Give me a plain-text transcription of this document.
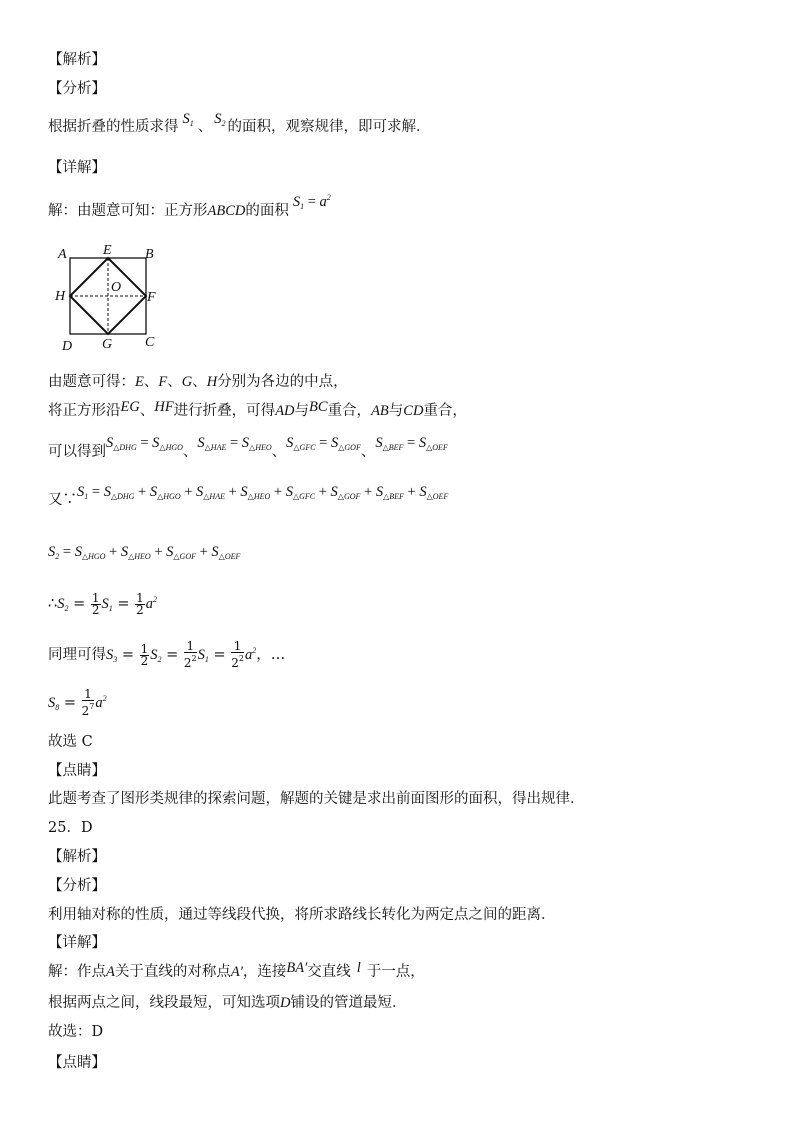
【解析】
【分析】
根据折叠的性质求得 $S_1$ 、 $S_2$ 的面积，观察规律，即可求解．
【详解】
解：由题意可知：正方形ABCD的面积$S_1 = a^2$
A	E B
H
O
F
D G C
由题意可得：E、F、G、H分别为各边的中点，
将正方形沿EG、HF进行折叠，可得AD与BC重合，AB与CD重合，
可以得到$S_{\triangle DHG} = S_{\triangle HGO}$、$S_{\triangle HAE} = S_{\triangle HEO}$、$S_{\triangle GFC} = S_{\triangle GOF}$、$S_{\triangle BEF} = S_{\triangle OEF}$
又$\because S_1 = S_{\triangle DHG} + S_{\triangle HGO} + S_{\triangle HAE} + S_{\triangle HEO} + S_{\triangle GFC} + S_{\triangle GOF} + S_{\triangle BEF} + S_{\triangle OEF}$
$S_2 = S_{\triangle HGO} + S_{\triangle HEO} + S_{\triangle GOF} + S_{\triangle OEF}$
$\therefore S_2 = \frac{1}{2} S_1 = \frac{1}{2} a^2$
同理可得$S_3 = \frac{1}{2} S_2 = \frac{1}{2^2} S_1 = \frac{1}{2^2} a^2$，…
$S_8 = \frac{1}{2^7} a^2$
故选 C
【点睛】
此题考查了图形类规律的探索问题，解题的关键是求出前面图形的面积，得出规律．
25．D
【解析】
【分析】
利用轴对称的性质，通过等线段代换，将所求路线长转化为两定点之间的距离．
【详解】
解：作点A关于直线的对称点A′，连接BA′交直线 l 于一点，
根据两点之间，线段最短，可知选项D铺设的管道最短．
故选：D
【点睛】
